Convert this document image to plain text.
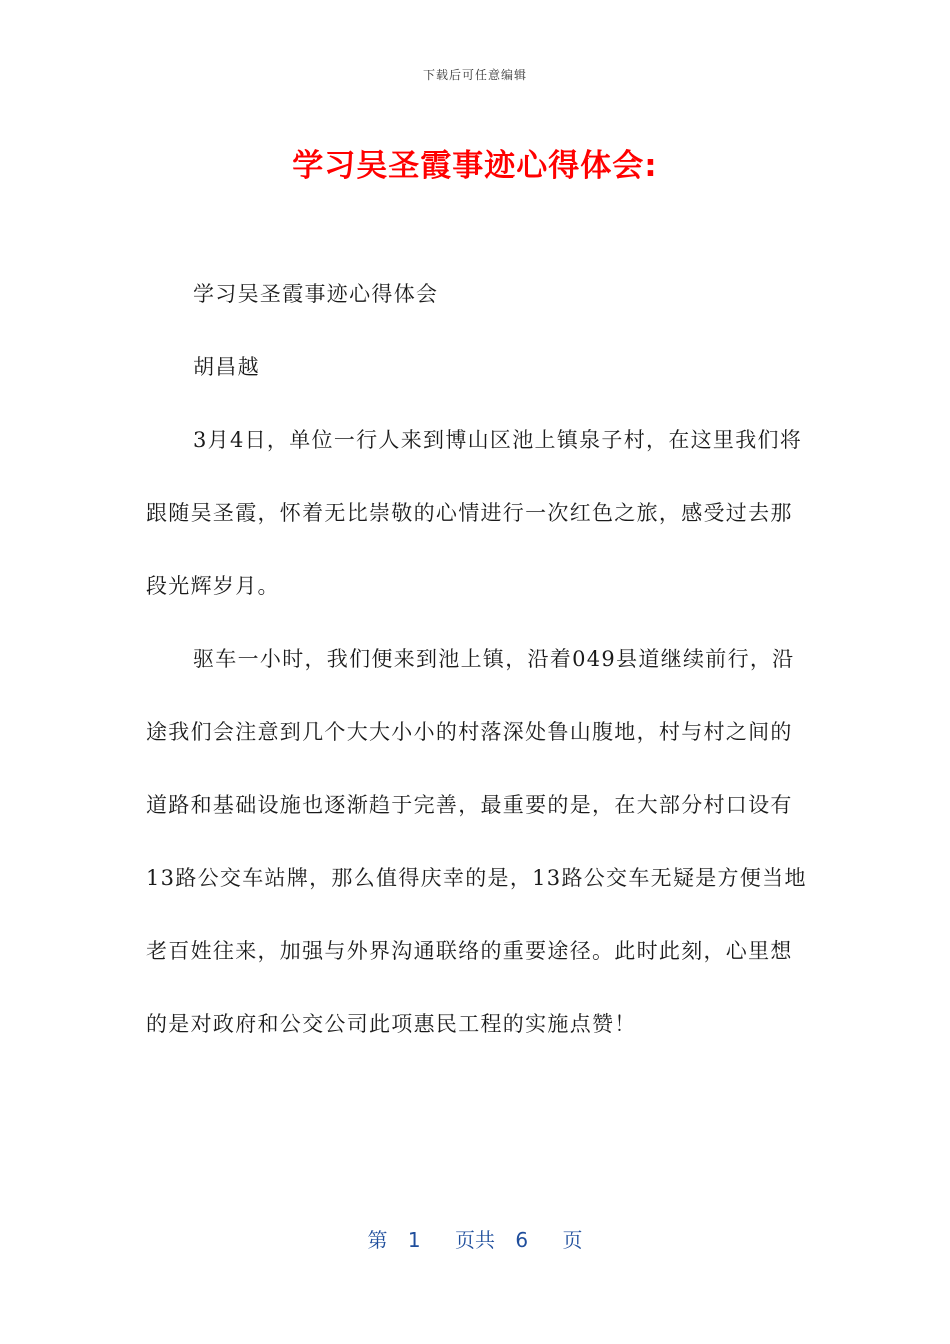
下载后可任意编辑
学习吴圣霞事迹心得体会:

学习吴圣霞事迹心得体会

胡昌越

3月4日，单位一行人来到博山区池上镇泉子村，在这里我们将跟随吴圣霞，怀着无比崇敬的心情进行一次红色之旅，感受过去那段光辉岁月。

驱车一小时，我们便来到池上镇，沿着049县道继续前行，沿途我们会注意到几个大大小小的村落深处鲁山腹地，村与村之间的道路和基础设施也逐渐趋于完善，最重要的是，在大部分村口设有13路公交车站牌，那么值得庆幸的是，13路公交车无疑是方便当地老百姓往来，加强与外界沟通联络的重要途径。此时此刻，心里想的是对政府和公交公司此项惠民工程的实施点赞！

第 1 页共 6 页
